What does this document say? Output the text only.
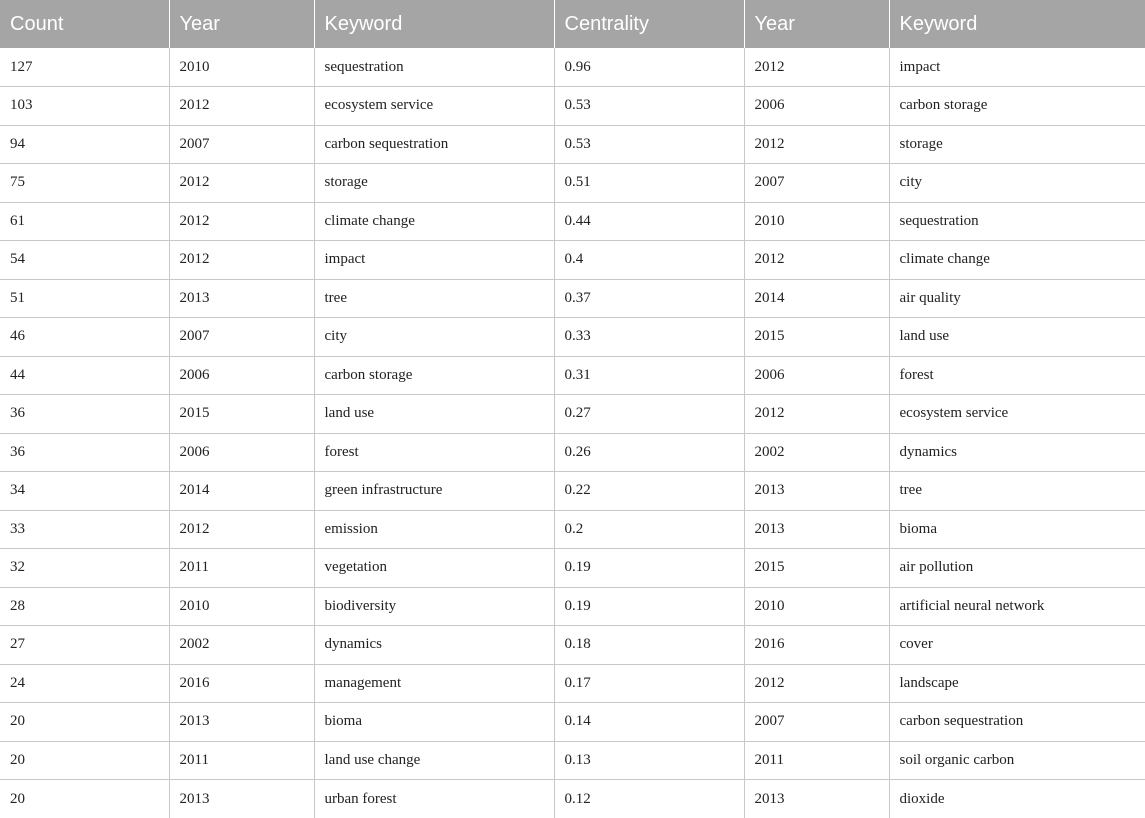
Count	Year	Keyword	Centrality	Year	Keyword
127	2010	sequestration	0.96	2012	impact
103	2012	ecosystem service	0.53	2006	carbon storage
94	2007	carbon sequestration	0.53	2012	storage
75	2012	storage	0.51	2007	city
61	2012	climate change	0.44	2010	sequestration
54	2012	impact	0.4	2012	climate change
51	2013	tree	0.37	2014	air quality
46	2007	city	0.33	2015	land use
44	2006	carbon storage	0.31	2006	forest
36	2015	land use	0.27	2012	ecosystem service
36	2006	forest	0.26	2002	dynamics
34	2014	green infrastructure	0.22	2013	tree
33	2012	emission	0.2	2013	bioma
32	2011	vegetation	0.19	2015	air pollution
28	2010	biodiversity	0.19	2010	artificial neural network
27	2002	dynamics	0.18	2016	cover
24	2016	management	0.17	2012	landscape
20	2013	bioma	0.14	2007	carbon sequestration
20	2011	land use change	0.13	2011	soil organic carbon
20	2013	urban forest	0.12	2013	dioxide
